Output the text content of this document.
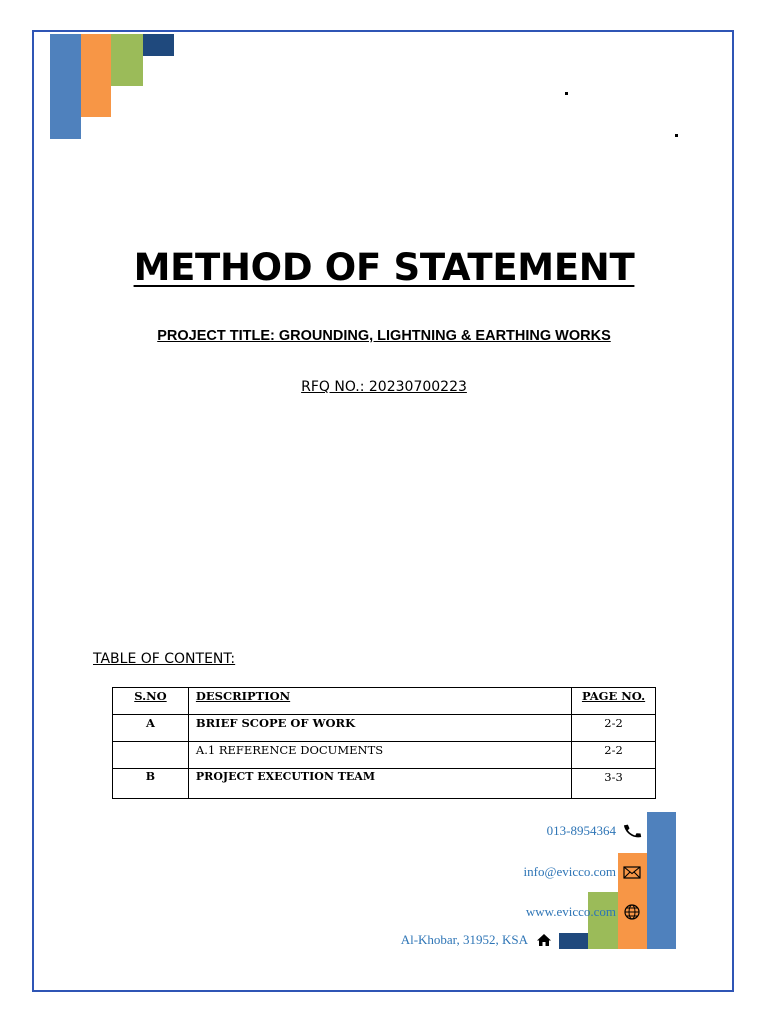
METHOD OF STATEMENT
PROJECT TITLE: GROUNDING, LIGHTNING & EARTHING WORKS
RFQ NO.: 20230700223
TABLE OF CONTENT:
S.NO	DESCRIPTION	PAGE NO.
A	BRIEF SCOPE OF WORK	2-2
	A.1 REFERENCE DOCUMENTS	2-2
B	PROJECT EXECUTION TEAM	3-3
013-8954364
info@evicco.com
www.evicco.com
Al-Khobar, 31952, KSA
